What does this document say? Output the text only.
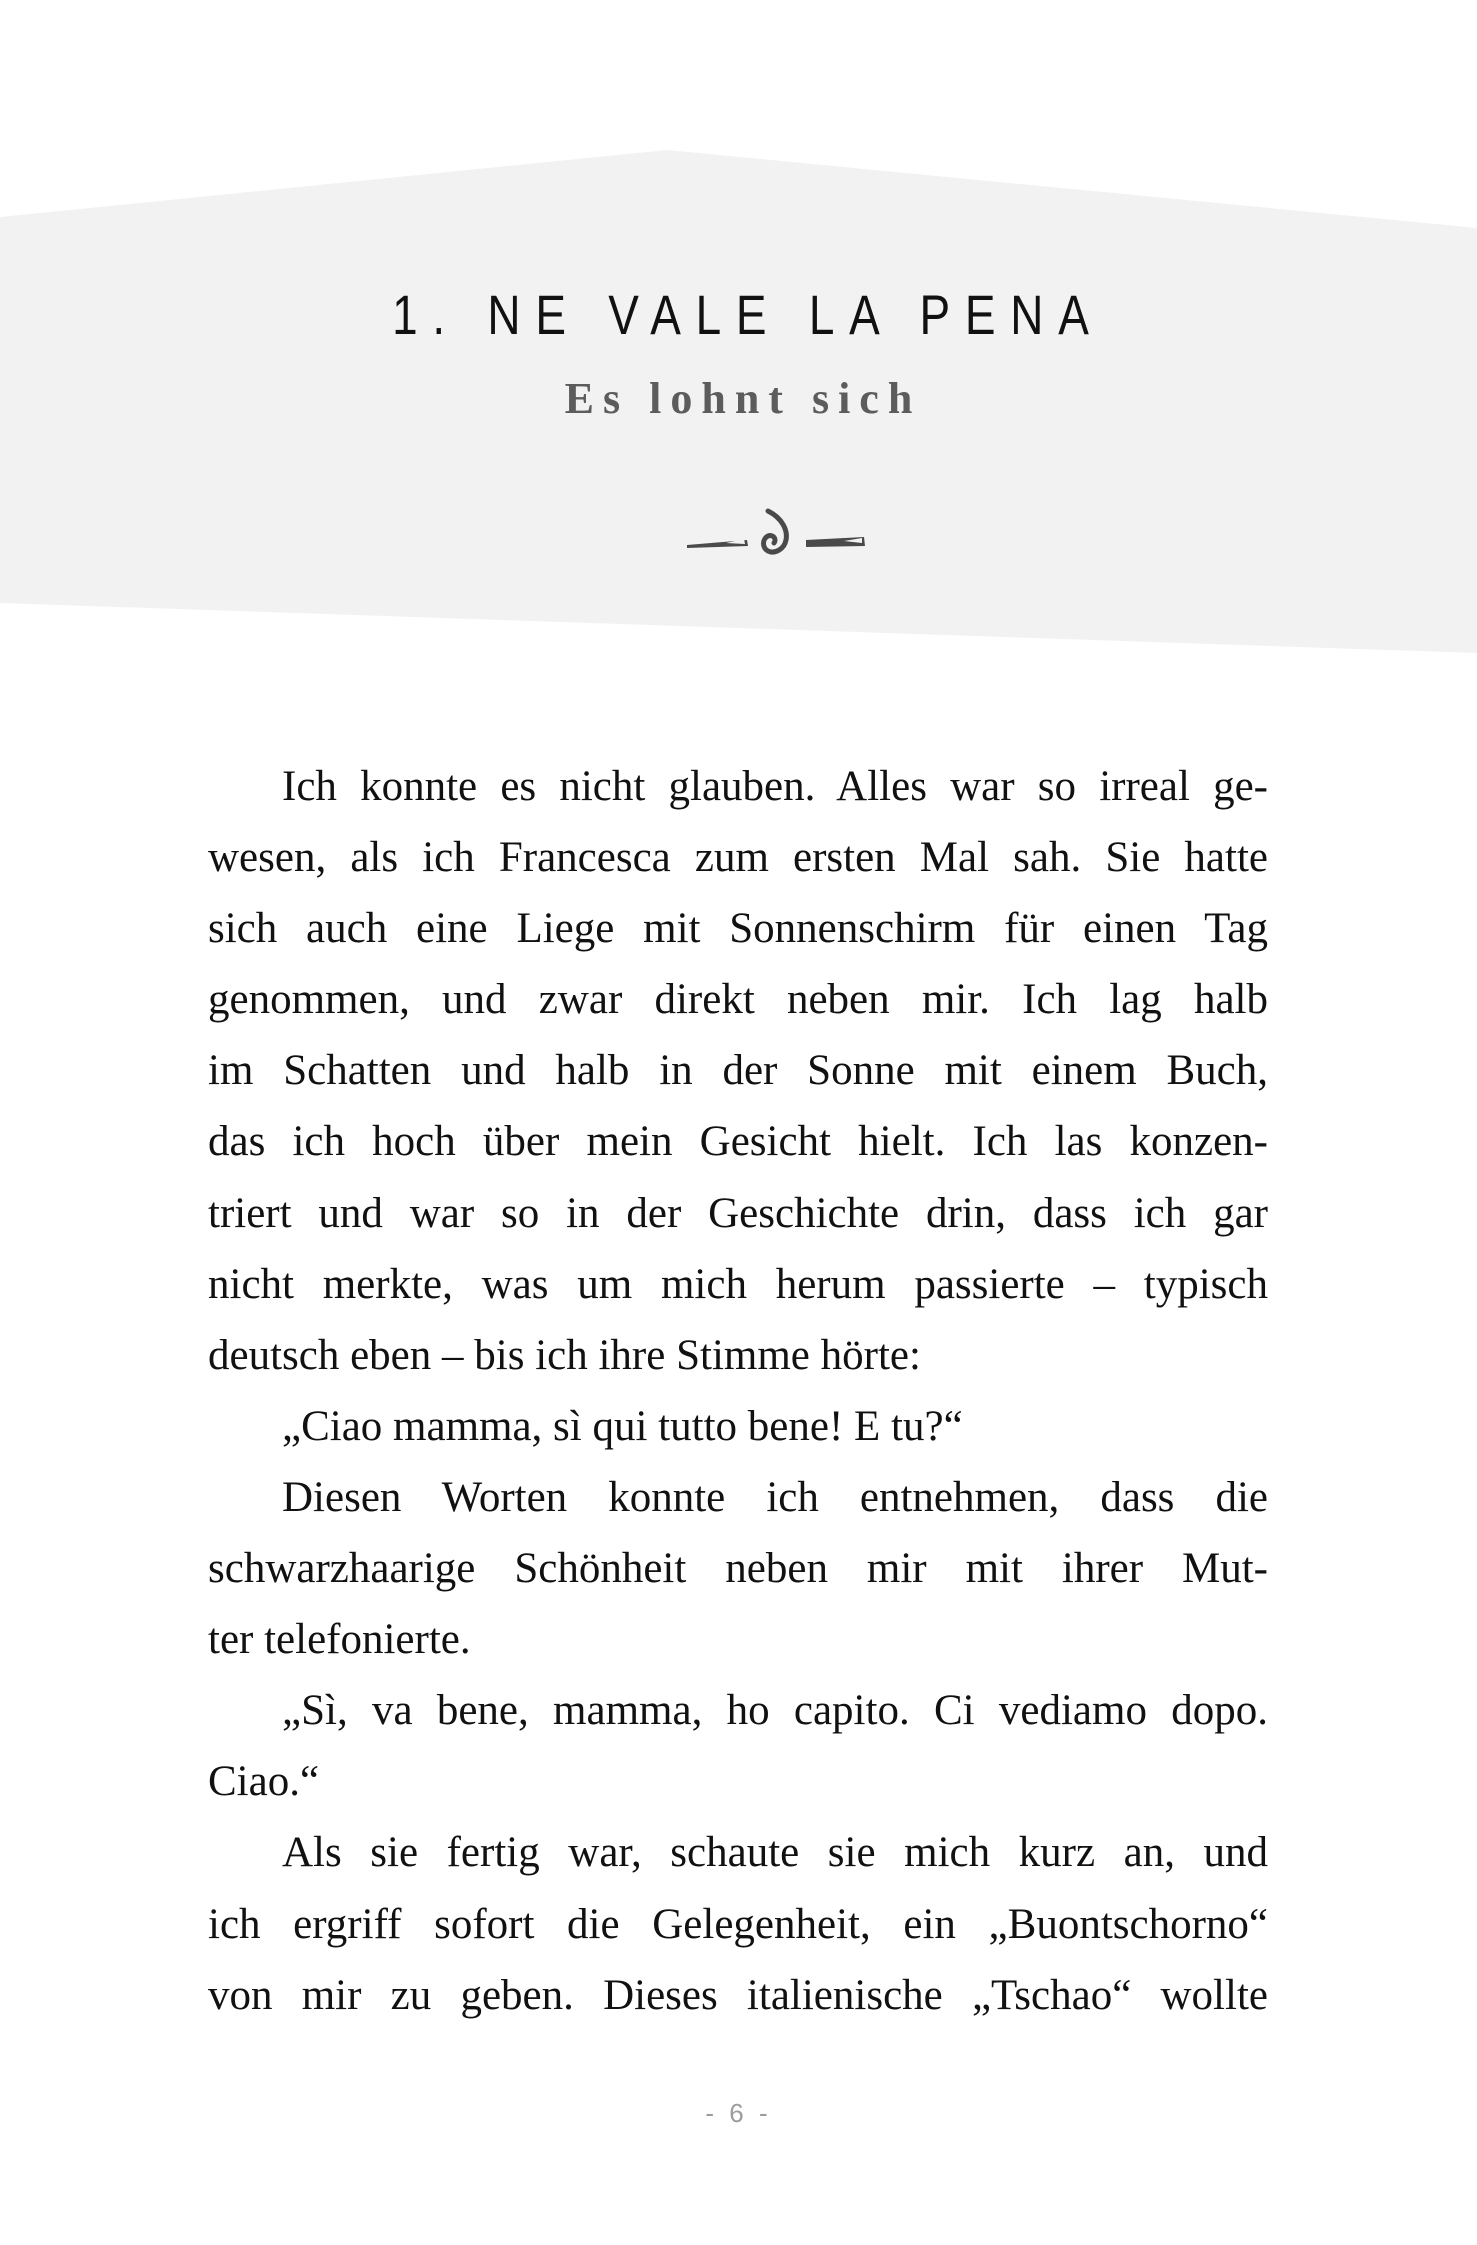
1. NE VALE LA PENA
Es lohnt sich
Ich konnte es nicht glauben. Alles war so irreal ge-
wesen, als ich Francesca zum ersten Mal sah. Sie hatte
sich auch eine Liege mit Sonnenschirm für einen Tag
genommen, und zwar direkt neben mir. Ich lag halb
im Schatten und halb in der Sonne mit einem Buch,
das ich hoch über mein Gesicht hielt. Ich las konzen-
triert und war so in der Geschichte drin, dass ich gar
nicht merkte, was um mich herum passierte – typisch
deutsch eben – bis ich ihre Stimme hörte:
„Ciao mamma, sì qui tutto bene! E tu?“
Diesen Worten konnte ich entnehmen, dass die
schwarzhaarige Schönheit neben mir mit ihrer Mut-
ter telefonierte.
„Sì, va bene, mamma, ho capito. Ci vediamo dopo.
Ciao.“
Als sie fertig war, schaute sie mich kurz an, und
ich ergriff sofort die Gelegenheit, ein „Buontschorno“
von mir zu geben. Dieses italienische „Tschao“ wollte
- 6 -
